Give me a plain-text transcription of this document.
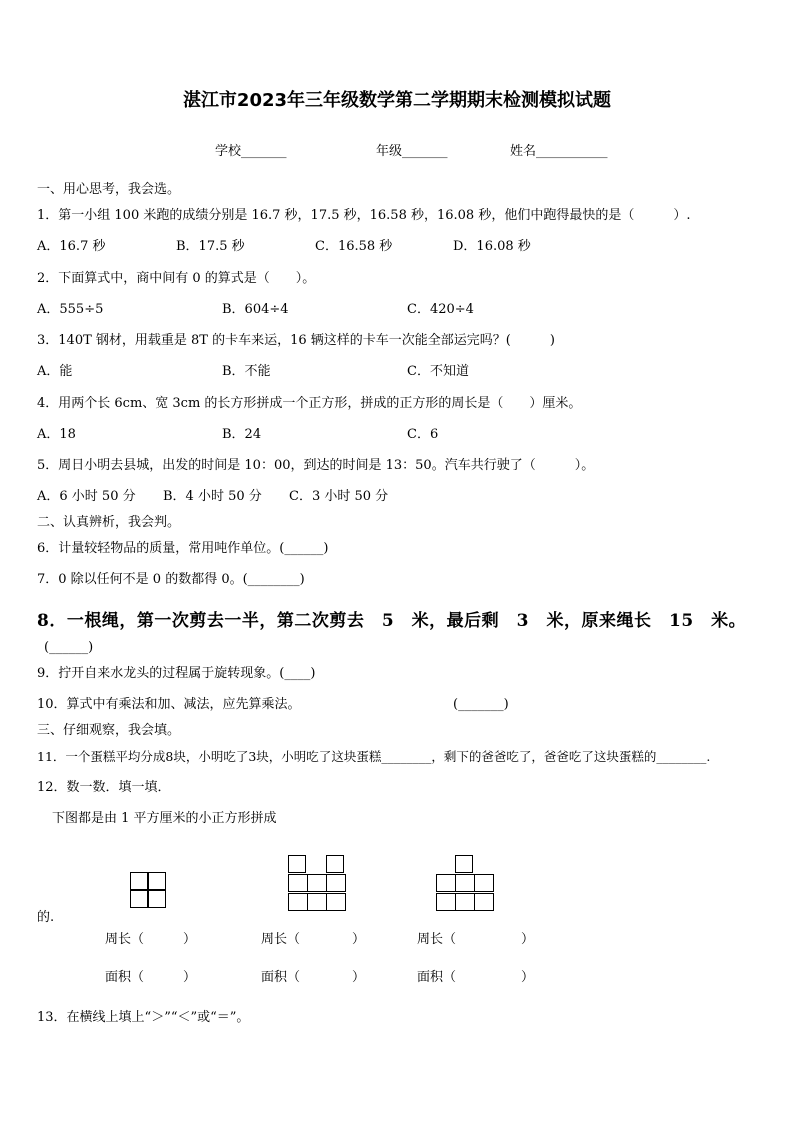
湛江市2023年三年级数学第二学期期末检测模拟试题
学校_______	年级_______	姓名___________
一、用心思考，我会选。
1．第一小组 100 米跑的成绩分别是 16.7 秒，17.5 秒，16.58 秒，16.08 秒，他们中跑得最快的是（　　　）.
A．16.7 秒	B．17.5 秒	C．16.58 秒	D．16.08 秒
2．下面算式中，商中间有 0 的算式是（　　）。
A．555÷5	B．604÷4	C．420÷4
3．140T 钢材，用载重是 8T 的卡车来运，16 辆这样的卡车一次能全部运完吗？(　　　)
A．能	B．不能	C．不知道
4．用两个长 6cm、宽 3cm 的长方形拼成一个正方形，拼成的正方形的周长是（　　）厘米。
A．18	B．24	C．6
5．周日小明去县城，出发的时间是 10：00，到达的时间是 13：50。汽车共行驶了（　　　）。
A．6 小时 50 分 B．4 小时 50 分 C．3 小时 50 分
二、认真辨析，我会判。
6．计量较轻物品的质量，常用吨作单位。(______)
7．0 除以任何不是 0 的数都得 0。(________)
8．一根绳，第一次剪去一半，第二次剪去　5　米，最后剩　3　米，原来绳长　15　米。
(______)
9．拧开自来水龙头的过程属于旋转现象。(____)
10．算式中有乘法和加、减法，应先算乘法。	(_______)
三、仔细观察，我会填。
11．一个蛋糕平均分成8块，小明吃了3块，小明吃了这块蛋糕________，剩下的爸爸吃了，爸爸吃了这块蛋糕的________.
12．数一数．填一填．
下图都是由 1 平方厘米的小正方形拼成
的.
周长（　　　）	周长（　　　　）	周长（　　　　　）
面积（　　　）	面积（　　　　）	面积（　　　　　）
13．在横线上填上“＞”“＜”或“＝”。
